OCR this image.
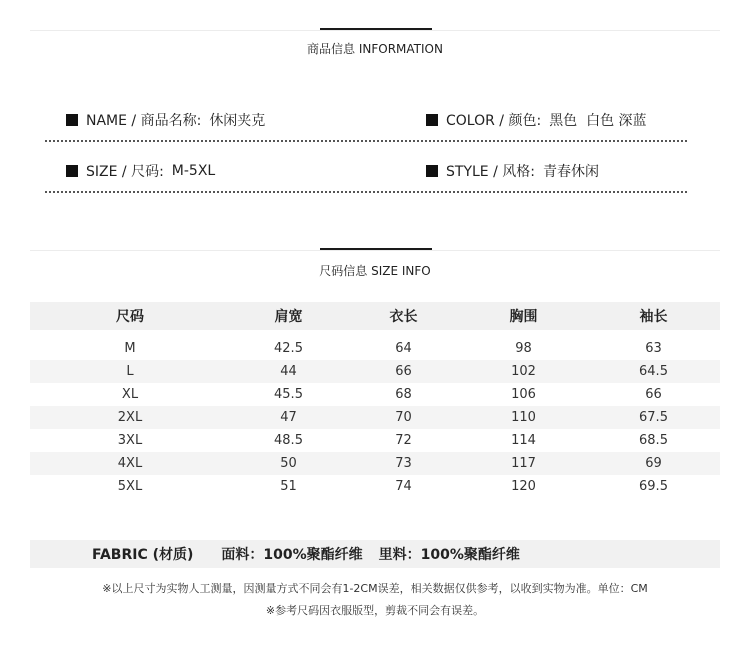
商品信息 INFORMATION
NAME / 商品名称: 休闲夹克	COLOR / 颜色: 黑色  白色 深蓝
SIZE / 尺码: M-5XL	STYLE / 风格: 青春休闲
尺码信息 SIZE INFO
尺码	肩宽	衣长	胸围	袖长
M	42.5	64	98	63
L	44	66	102	64.5
XL	45.5	68	106	66
2XL	47	70	110	67.5
3XL	48.5	72	114	68.5
4XL	50	73	117	69
5XL	51	74	120	69.5
FABRIC (材质) 面料：100%聚酯纤维 里料：100%聚酯纤维
※以上尺寸为实物人工测量，因测量方式不同会有1-2CM误差，相关数据仅供参考，以收到实物为准。单位：CM
※参考尺码因衣服版型，剪裁不同会有误差。
